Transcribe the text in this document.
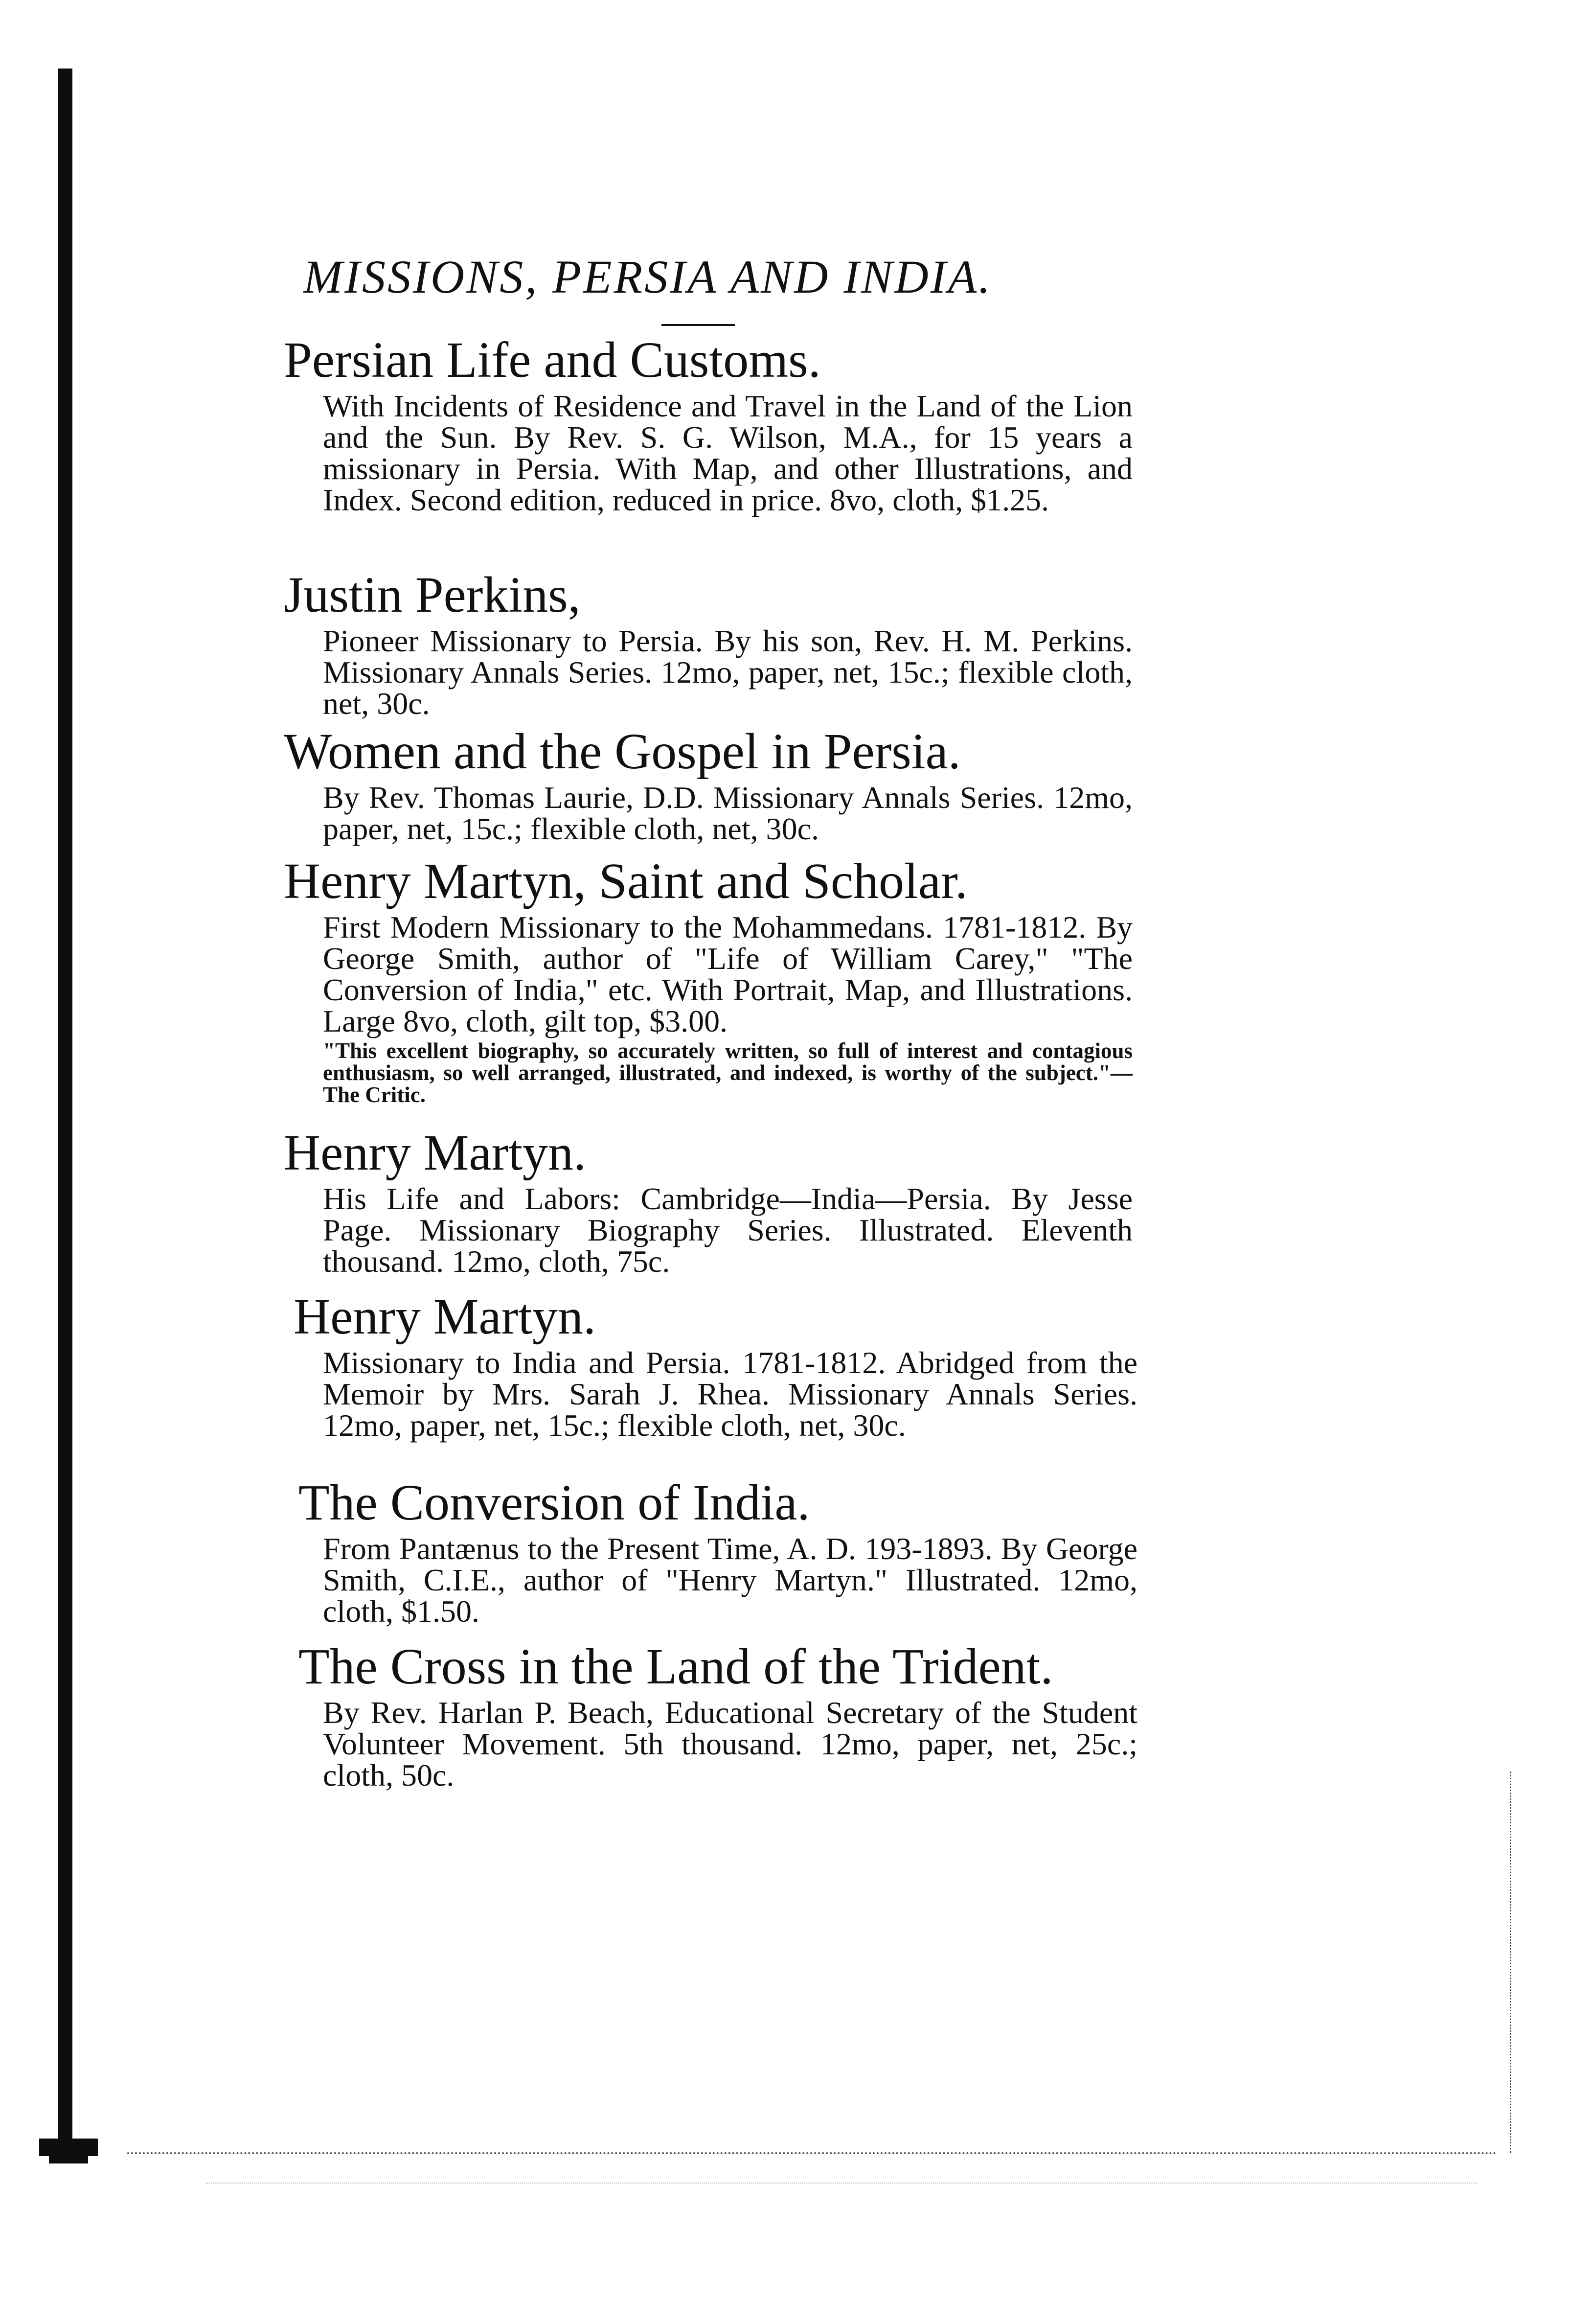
MISSIONS, PERSIA AND INDIA.
Persian Life and Customs.

With Incidents of Residence and Travel in the Land of the Lion and the Sun. By Rev. S. G. Wilson, M.A., for 15 years a missionary in Persia. With Map, and other Illustrations, and Index. Second edition, reduced in price. 8vo, cloth, $1.25.

Justin Perkins,

Pioneer Missionary to Persia. By his son, Rev. H. M. Perkins. Missionary Annals Series. 12mo, paper, net, 15c.; flexible cloth, net, 30c.

Women and the Gospel in Persia.

By Rev. Thomas Laurie, D.D. Missionary Annals Series. 12mo, paper, net, 15c.; flexible cloth, net, 30c.

Henry Martyn, Saint and Scholar.

First Modern Missionary to the Mohammedans. 1781-1812. By George Smith, author of "Life of William Carey," "The Conversion of India," etc. With Portrait, Map, and Illustrations. Large 8vo, cloth, gilt top, $3.00.

"This excellent biography, so accurately written, so full of interest and contagious enthusiasm, so well arranged, illustrated, and indexed, is worthy of the subject."—The Critic.

Henry Martyn.

His Life and Labors: Cambridge—India—Persia. By Jesse Page. Missionary Biography Series. Illustrated. Eleventh thousand. 12mo, cloth, 75c.

Henry Martyn.

Missionary to India and Persia. 1781-1812. Abridged from the Memoir by Mrs. Sarah J. Rhea. Missionary Annals Series. 12mo, paper, net, 15c.; flexible cloth, net, 30c.

The Conversion of India.

From Pantænus to the Present Time, A. D. 193-1893. By George Smith, C.I.E., author of "Henry Martyn." Illustrated. 12mo, cloth, $1.50.

The Cross in the Land of the Trident.

By Rev. Harlan P. Beach, Educational Secretary of the Student Volunteer Movement. 5th thousand. 12mo, paper, net, 25c.; cloth, 50c.
